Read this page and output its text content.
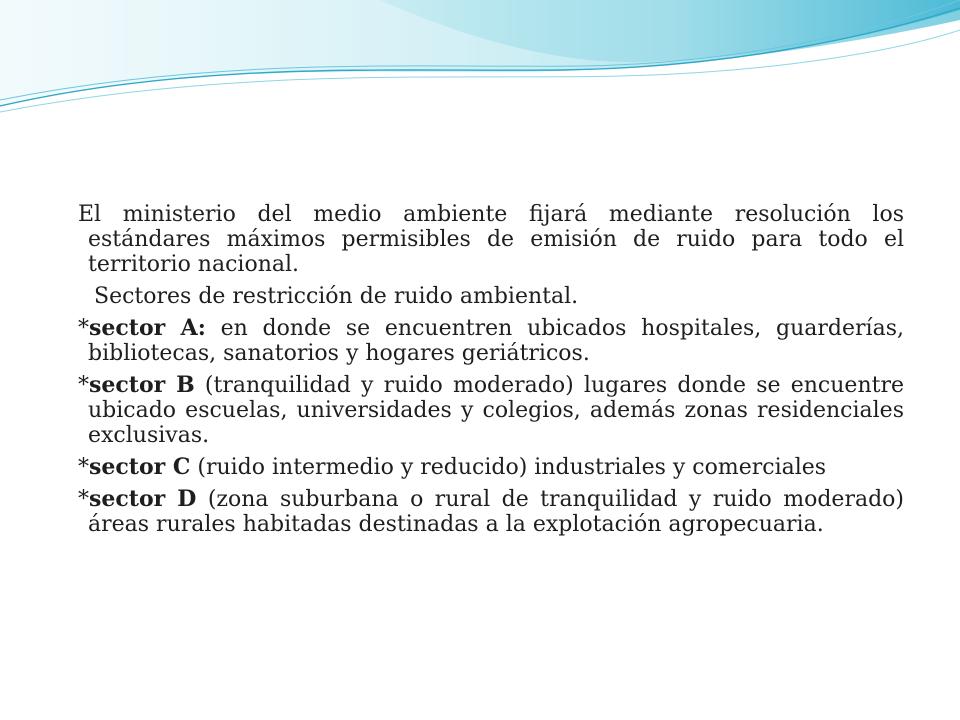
El ministerio del medio ambiente fijará mediante resolución los estándares máximos permisibles de emisión de ruido para todo el territorio nacional.

Sectores de restricción de ruido ambiental.

*sector A: en donde se encuentren ubicados hospitales, guarderías, bibliotecas, sanatorios y hogares geriátricos.

*sector B (tranquilidad y ruido moderado) lugares donde se encuentre ubicado escuelas, universidades y colegios, además zonas residenciales exclusivas.

*sector C (ruido intermedio y reducido) industriales y comerciales

*sector D (zona suburbana o rural de tranquilidad y ruido moderado) áreas rurales habitadas destinadas a la explotación agropecuaria.
